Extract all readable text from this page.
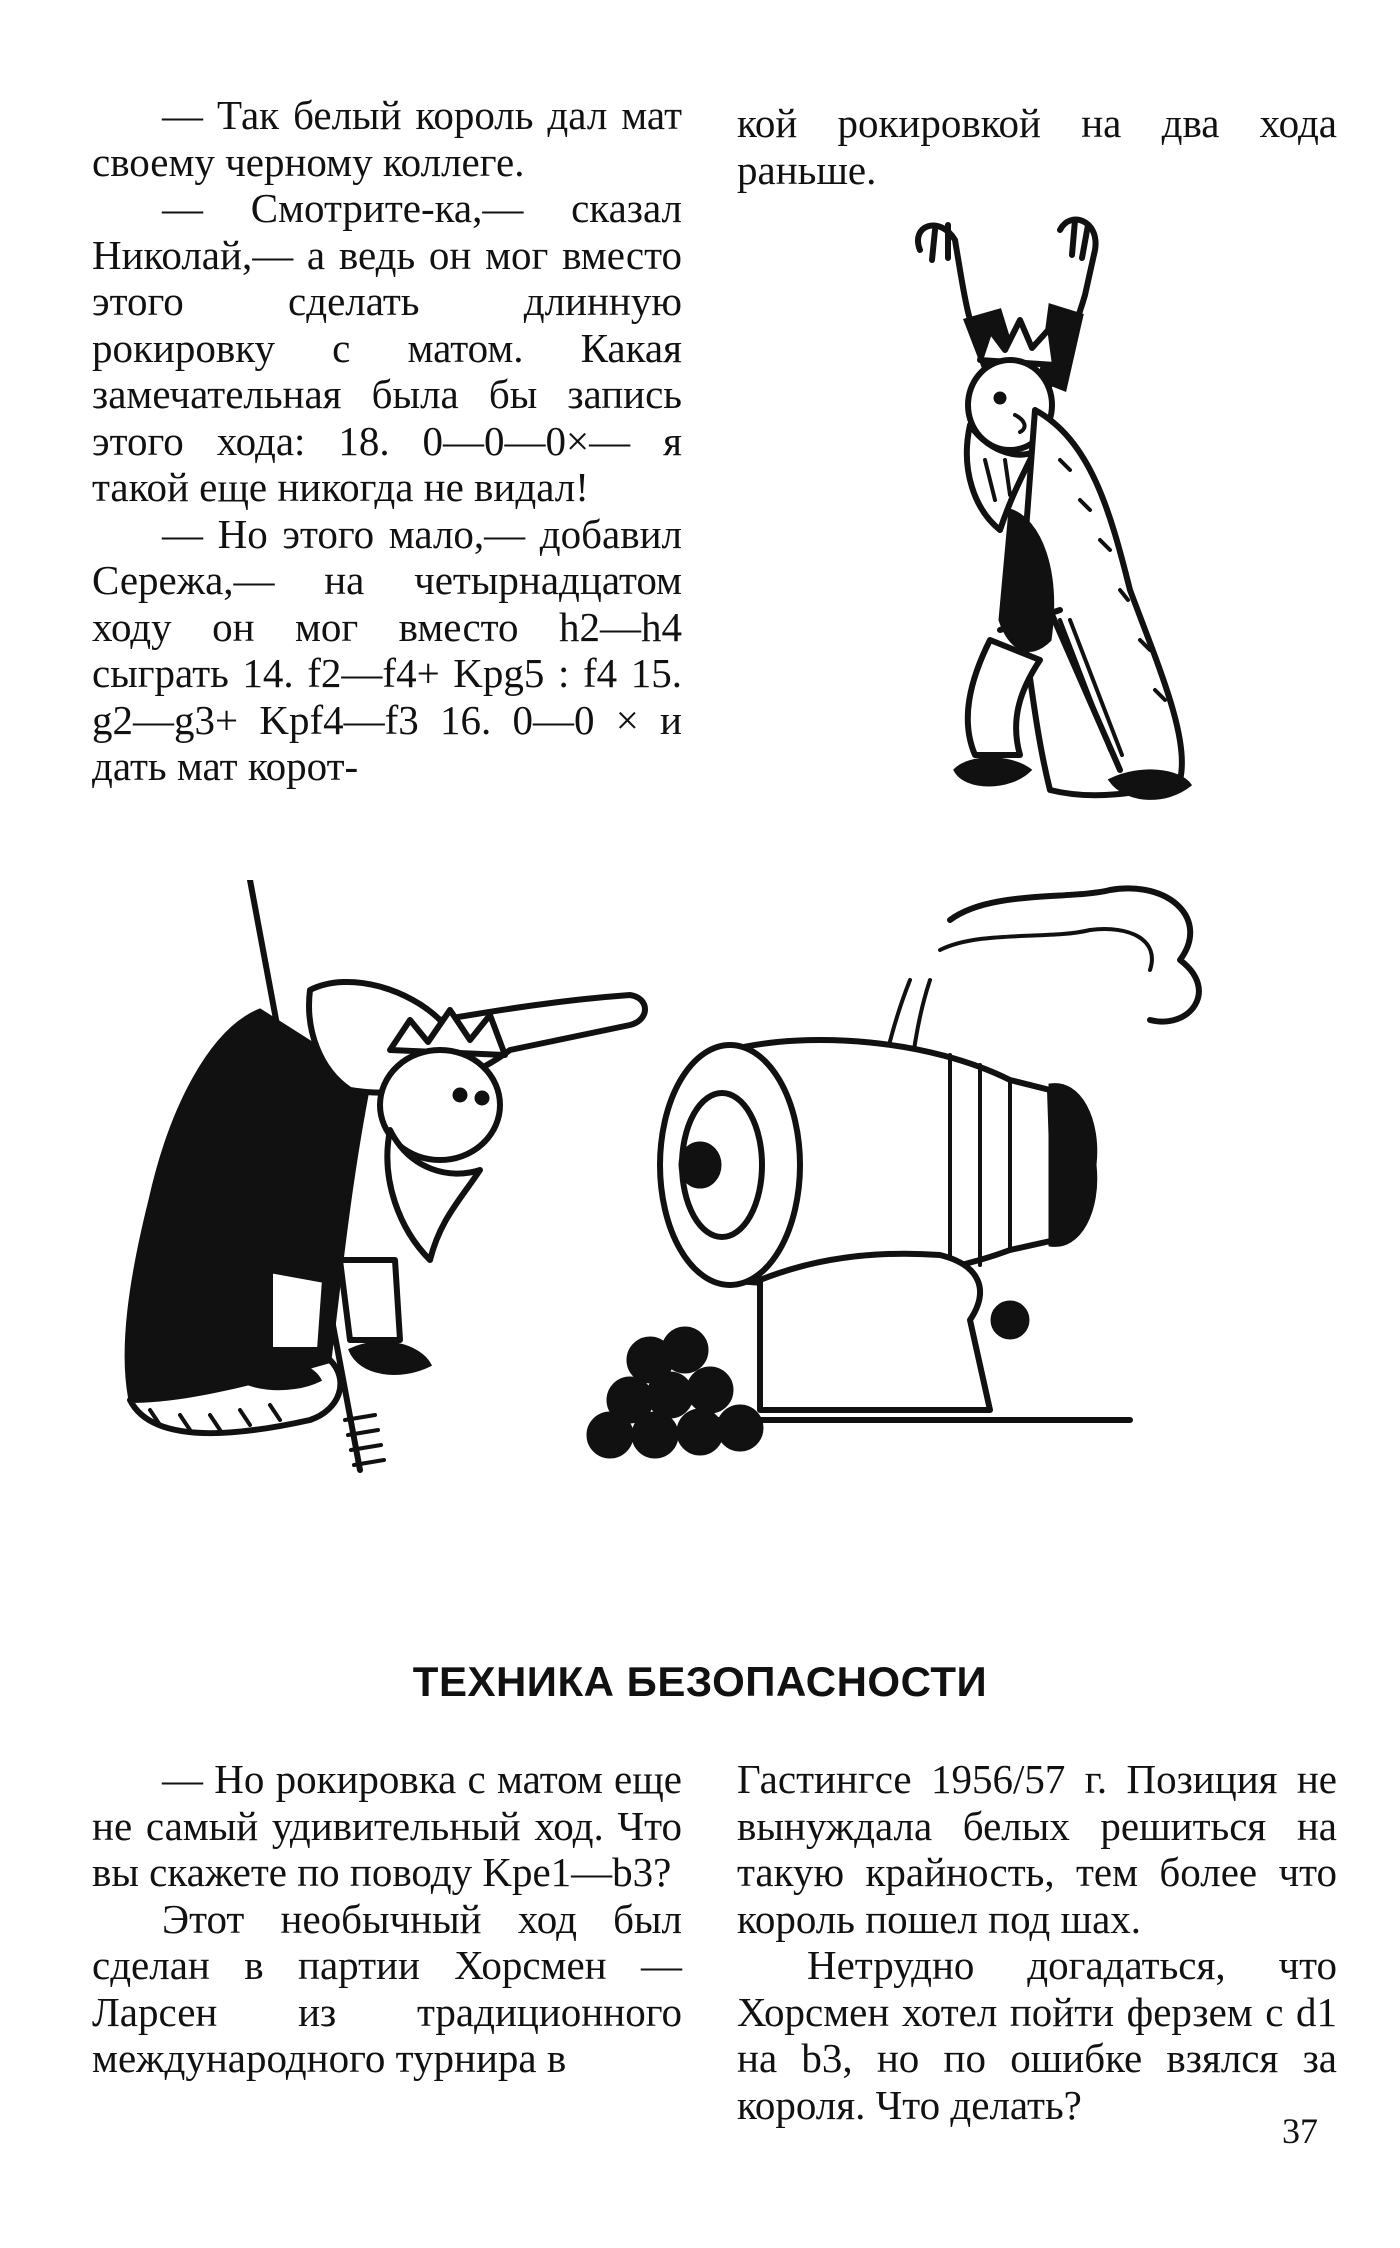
— Так белый король дал мат своему черному коллеге.

— Смотрите-ка,— сказал Николай,— а ведь он мог вместо этого сделать длинную рокировку с матом. Какая замечательная была бы запись этого хода: 18. 0—0—0×— я такой еще никогда не видал!

— Но этого мало,— добавил Сережа,— на четырнадцатом ходу он мог вместо h2—h4 сыграть 14. f2—f4+ Kpg5 : f4 15. g2—g3+ Kpf4—f3 16. 0—0 × и дать мат корот-

кой рокировкой на два хода раньше.

ТЕХНИКА БЕЗОПАСНОСТИ

— Но рокировка с матом еще не самый удивительный ход. Что вы скажете по поводу Kpe1—b3?

Этот необычный ход был сделан в партии Хорсмен — Ларсен из традиционного международного турнира в

Гастингсе 1956/57 г. Позиция не вынуждала белых решиться на такую крайность, тем более что король пошел под шах.

Нетрудно догадаться, что Хорсмен хотел пойти ферзем с d1 на b3, но по ошибке взялся за короля. Что делать?

37
